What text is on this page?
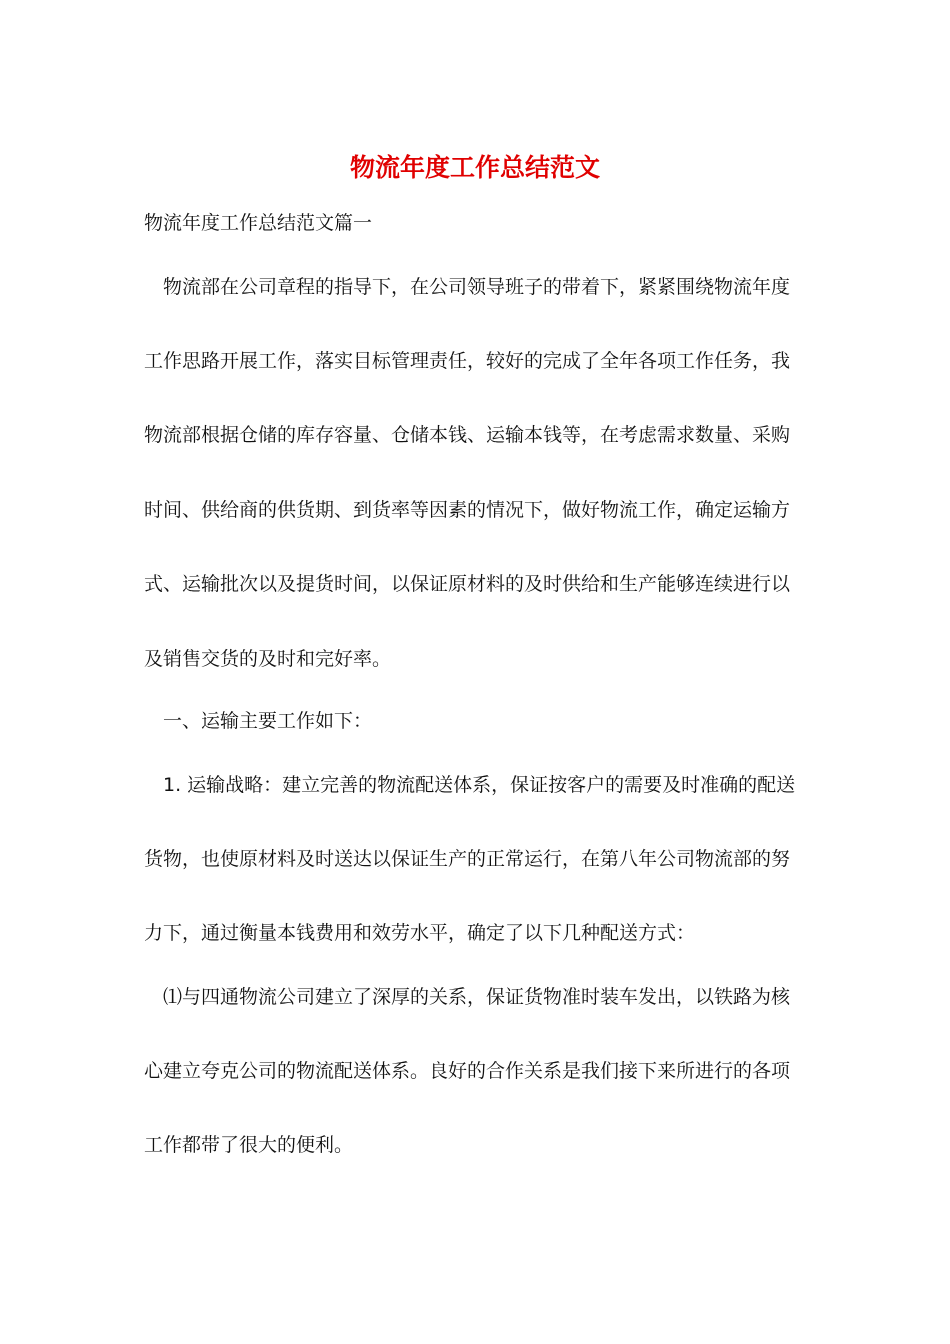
物流年度工作总结范文

物流年度工作总结范文篇一

　物流部在公司章程的指导下，在公司领导班子的带着下，紧紧围绕物流年度

工作思路开展工作，落实目标管理责任，较好的完成了全年各项工作任务，我

物流部根据仓储的库存容量、仓储本钱、运输本钱等，在考虑需求数量、采购

时间、供给商的供货期、到货率等因素的情况下，做好物流工作，确定运输方

式、运输批次以及提货时间，以保证原材料的及时供给和生产能够连续进行以

及销售交货的及时和完好率。

　一、运输主要工作如下：

　1. 运输战略：建立完善的物流配送体系，保证按客户的需要及时准确的配送

货物，也使原材料及时送达以保证生产的正常运行，在第八年公司物流部的努

力下，通过衡量本钱费用和效劳水平，确定了以下几种配送方式：

　⑴与四通物流公司建立了深厚的关系，保证货物准时装车发出，以铁路为核

心建立夸克公司的物流配送体系。良好的合作关系是我们接下来所进行的各项

工作都带了很大的便利。
